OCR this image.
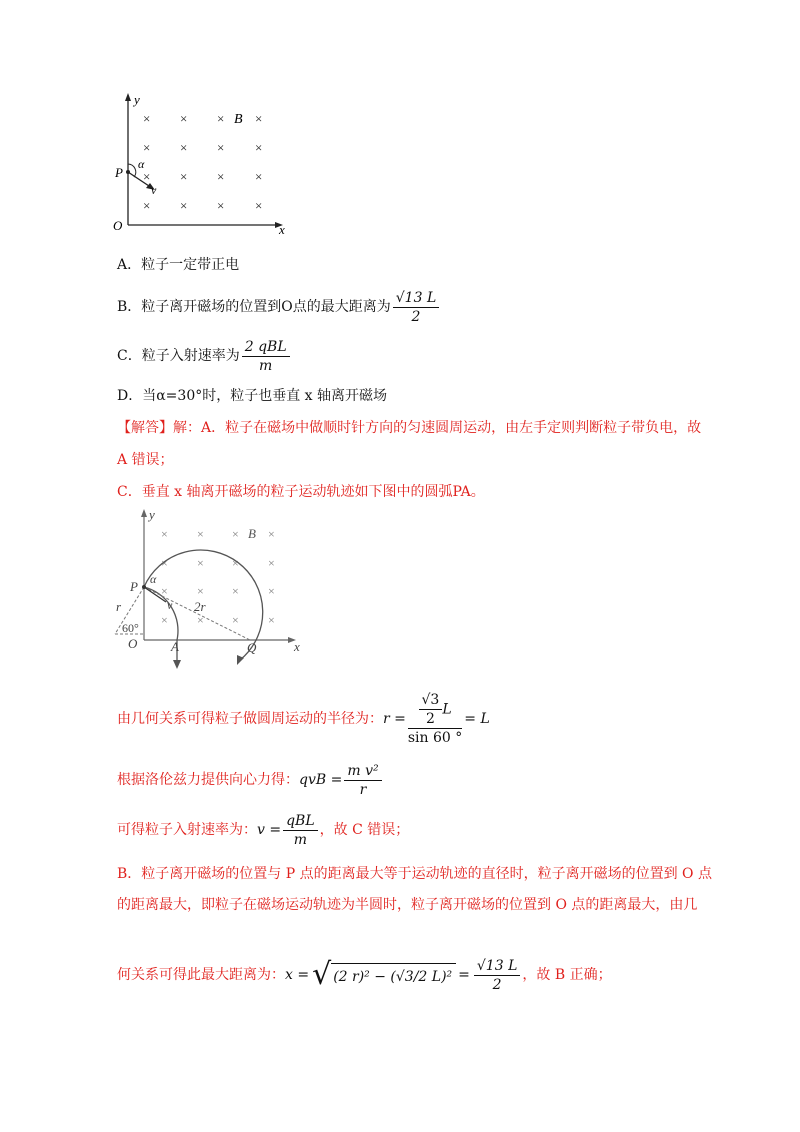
× × × ×
× × × ×
× × × ×
× × × ×
B
y
x
O
P
α
v
A．粒子一定带正电
B．粒子离开磁场的位置到O点的最大距离为 $\frac{√13 L}{2}$
C．粒子入射速率为 $\frac{\text{2 qBL}}{m}$
D．当α=30°时，粒子也垂直 x 轴离开磁场
【解答】解：A．粒子在磁场中做顺时针方向的匀速圆周运动，由左手定则判断粒子带负电，故
A 错误；
C．垂直 x 轴离开磁场的粒子运动轨迹如下图中的圆弧PA。
× × × ×
× × × ×
× × × ×
× × × ×
B
P α
v
r	2r
60°
O	A	Q	x
y
由几何关系可得粒子做圆周运动的半径为： $r = \frac{\frac{√3}{2} L}{\sin 60 ^\circ} = L$
根据洛伦兹力提供向心力得：qvB = $\frac{\text{m v²}}{r}$
可得粒子入射速率为：$v = \frac{\text{qBL}}{m}$ ，故 C 错误；
B．粒子离开磁场的位置与 P 点的距离最大等于运动轨迹的直径时，粒子离开磁场的位置到 O 点
的距离最大，即粒子在磁场运动轨迹为半圆时，粒子离开磁场的位置到 O 点的距离最大，由几
何关系可得此最大距离为： x = √ (2 r)² − (√3/2 $L)^2 = \frac{√13 L}{2}$ ，故 B 正确；
